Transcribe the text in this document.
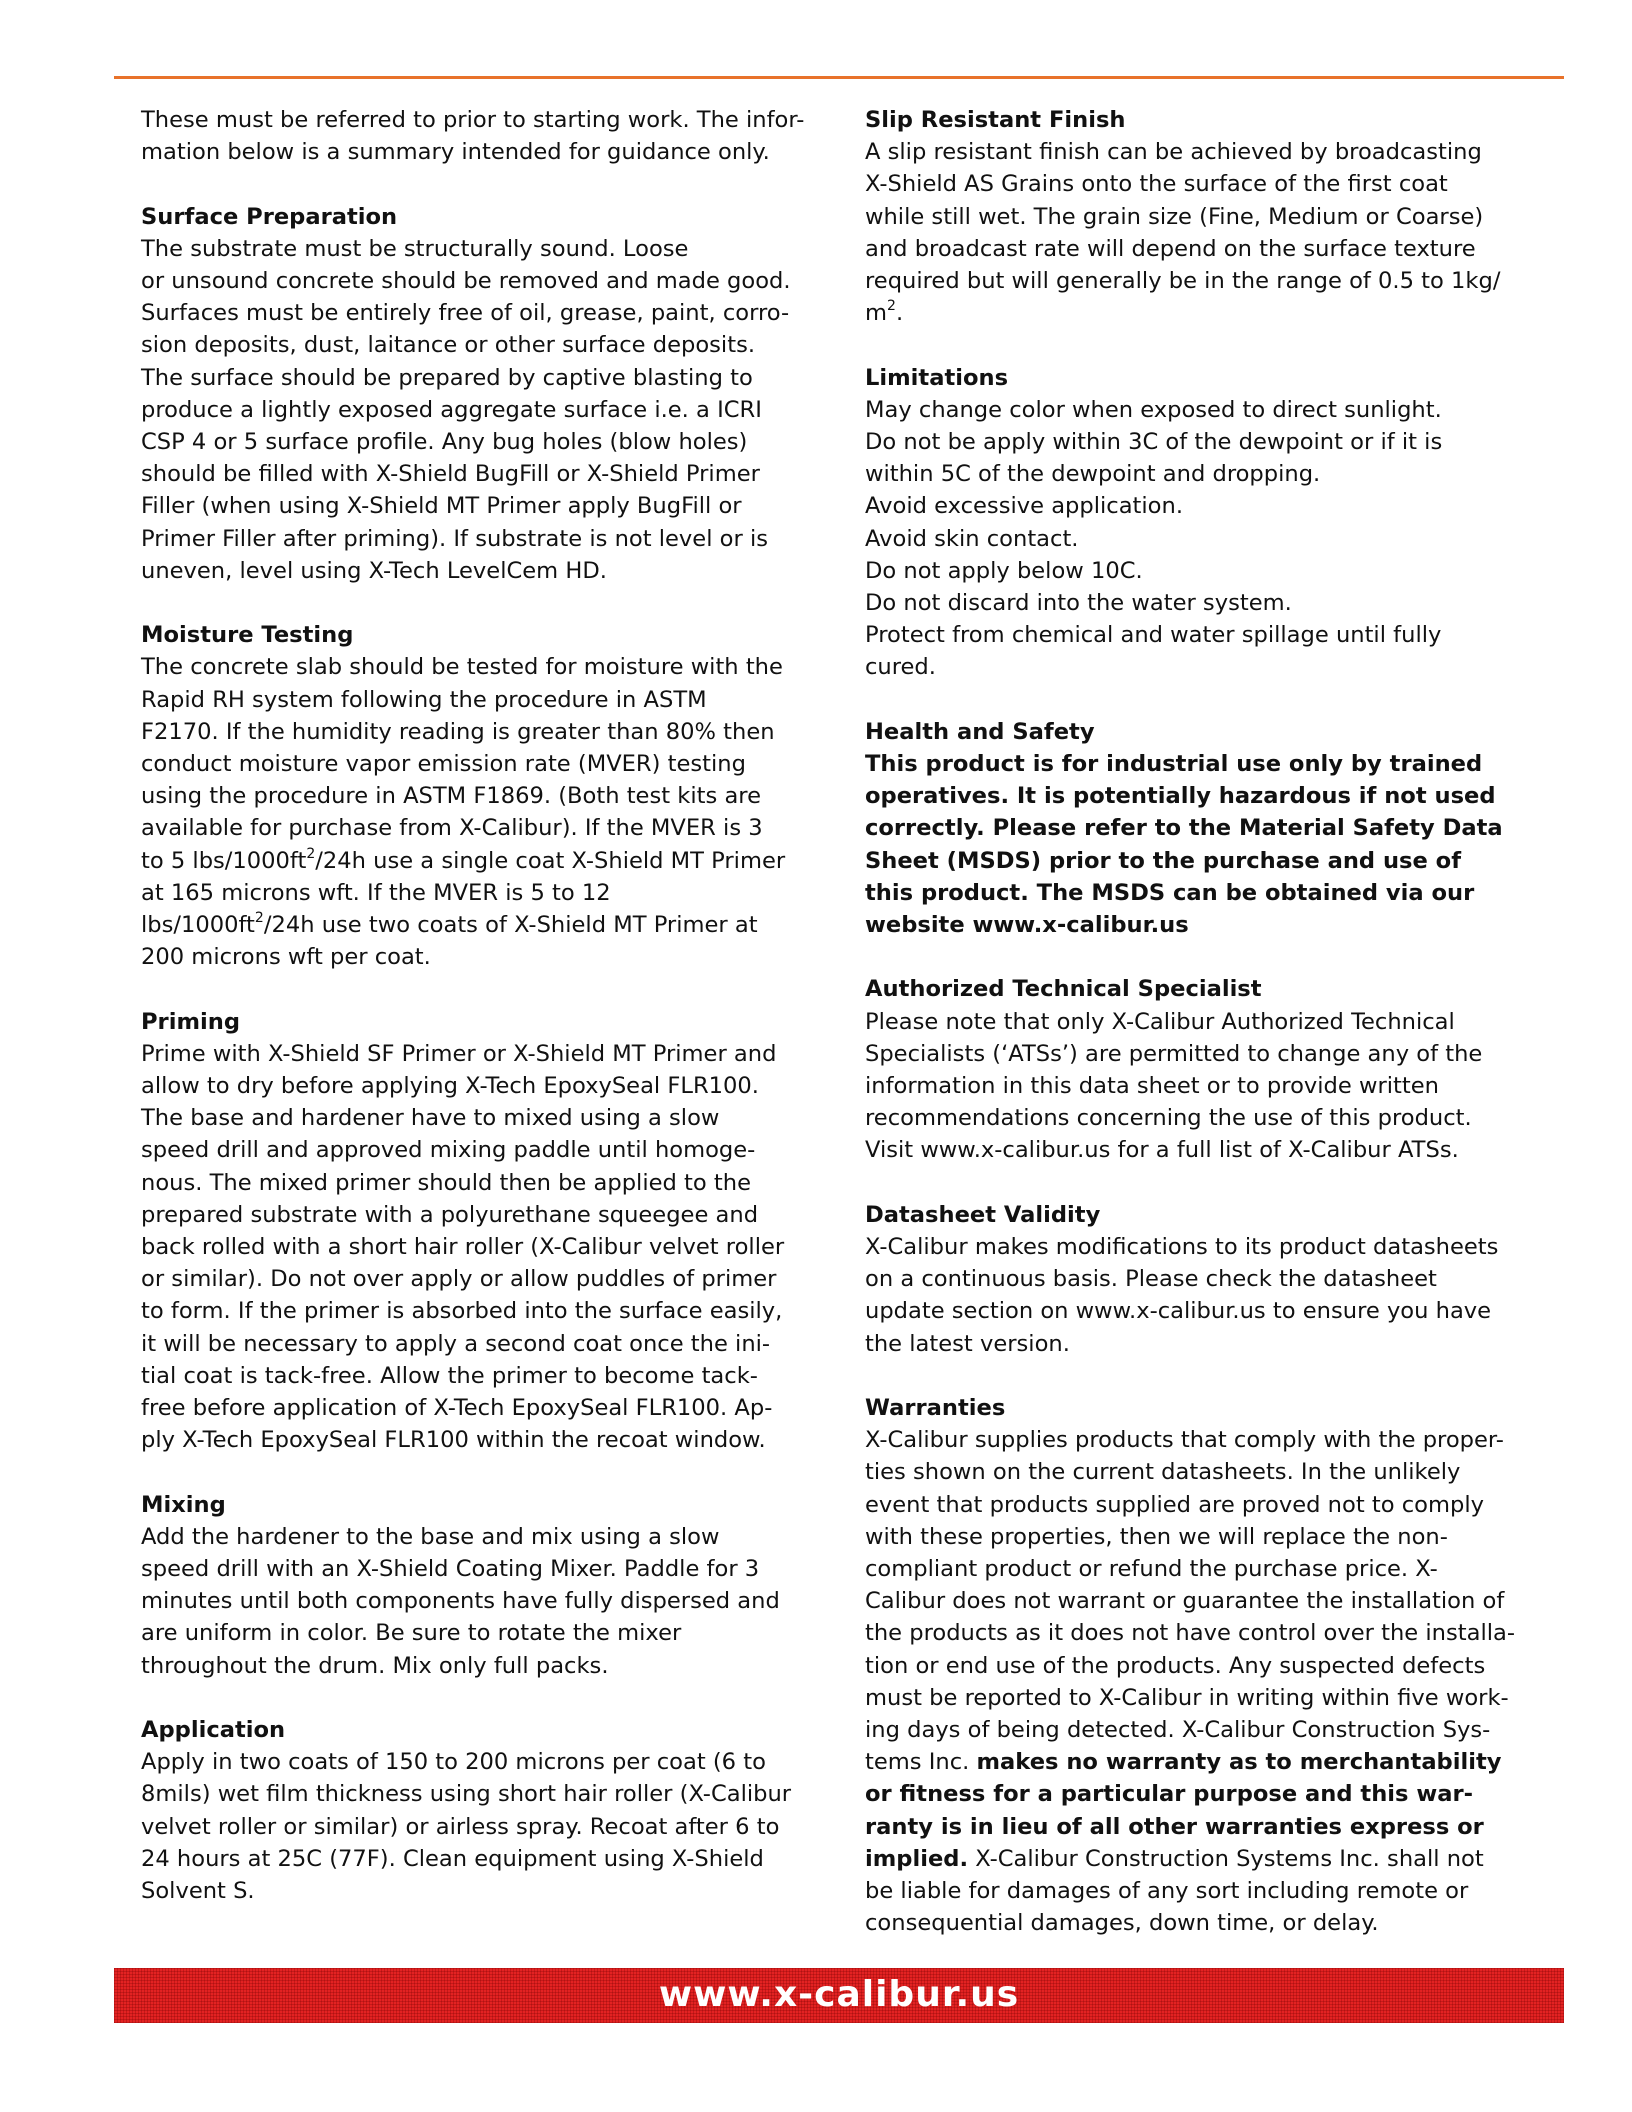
These must be referred to prior to starting work. The infor-

mation below is a summary intended for guidance only.

Surface Preparation

The substrate must be structurally sound. Loose

or unsound concrete should be removed and made good.

Surfaces must be entirely free of oil, grease, paint, corro-

sion deposits, dust, laitance or other surface deposits.

The surface should be prepared by captive blasting to

produce a lightly exposed aggregate surface i.e. a ICRI

CSP 4 or 5 surface profile. Any bug holes (blow holes)

should be filled with X-Shield BugFill or X-Shield Primer

Filler (when using X-Shield MT Primer apply BugFill or

Primer Filler after priming). If substrate is not level or is

uneven, level using X-Tech LevelCem HD.

Moisture Testing

The concrete slab should be tested for moisture with the

Rapid RH system following the procedure in ASTM

F2170. If the humidity reading is greater than 80% then

conduct moisture vapor emission rate (MVER) testing

using the procedure in ASTM F1869. (Both test kits are

available for purchase from X-Calibur). If the MVER is 3

to 5 lbs/$1000ft^2/24h$ use a single coat X-Shield MT Primer

at 165 microns wft. If the MVER is 5 to 12

lbs/$1000ft^2/24h$ use two coats of X-Shield MT Primer at

200 microns wft per coat.

Priming

Prime with X-Shield SF Primer or X-Shield MT Primer and

allow to dry before applying X-Tech EpoxySeal FLR100.

The base and hardener have to mixed using a slow

speed drill and approved mixing paddle until homoge-

nous. The mixed primer should then be applied to the

prepared substrate with a polyurethane squeegee and

back rolled with a short hair roller (X-Calibur velvet roller

or similar). Do not over apply or allow puddles of primer

to form. If the primer is absorbed into the surface easily,

it will be necessary to apply a second coat once the ini-

tial coat is tack-free. Allow the primer to become tack-

free before application of X-Tech EpoxySeal FLR100. Ap-

ply X-Tech EpoxySeal FLR100 within the recoat window.

Mixing

Add the hardener to the base and mix using a slow

speed drill with an X-Shield Coating Mixer. Paddle for 3

minutes until both components have fully dispersed and

are uniform in color. Be sure to rotate the mixer

throughout the drum. Mix only full packs.

Application

Apply in two coats of 150 to 200 microns per coat (6 to

8mils) wet film thickness using short hair roller (X-Calibur

velvet roller or similar) or airless spray. Recoat after 6 to

24 hours at 25C (77F). Clean equipment using X-Shield

Solvent S.

Slip Resistant Finish

A slip resistant finish can be achieved by broadcasting

X-Shield AS Grains onto the surface of the first coat

while still wet. The grain size (Fine, Medium or Coarse)

and broadcast rate will depend on the surface texture

required but will generally be in the range of 0.5 to 1kg/

$m^2$.

Limitations

May change color when exposed to direct sunlight.

Do not be apply within 3C of the dewpoint or if it is

within 5C of the dewpoint and dropping.

Avoid excessive application.

Avoid skin contact.

Do not apply below 10C.

Do not discard into the water system.

Protect from chemical and water spillage until fully

cured.

Health and Safety

This product is for industrial use only by trained

operatives. It is potentially hazardous if not used

correctly. Please refer to the Material Safety Data

Sheet (MSDS) prior to the purchase and use of

this product. The MSDS can be obtained via our

website www.x-calibur.us

Authorized Technical Specialist

Please note that only X-Calibur Authorized Technical

Specialists (‘ATSs’) are permitted to change any of the

information in this data sheet or to provide written

recommendations concerning the use of this product.

Visit www.x-calibur.us for a full list of X-Calibur ATSs.

Datasheet Validity

X-Calibur makes modifications to its product datasheets

on a continuous basis. Please check the datasheet

update section on www.x-calibur.us to ensure you have

the latest version.

Warranties

X-Calibur supplies products that comply with the proper-

ties shown on the current datasheets. In the unlikely

event that products supplied are proved not to comply

with these properties, then we will replace the non-

compliant product or refund the purchase price. X-

Calibur does not warrant or guarantee the installation of

the products as it does not have control over the installa-

tion or end use of the products. Any suspected defects

must be reported to X-Calibur in writing within five work-

ing days of being detected. X-Calibur Construction Sys-

tems Inc. makes no warranty as to merchantability

or fitness for a particular purpose and this war-

ranty is in lieu of all other warranties express or

implied. X-Calibur Construction Systems Inc. shall not

be liable for damages of any sort including remote or

consequential damages, down time, or delay.

www.x-calibur.us
